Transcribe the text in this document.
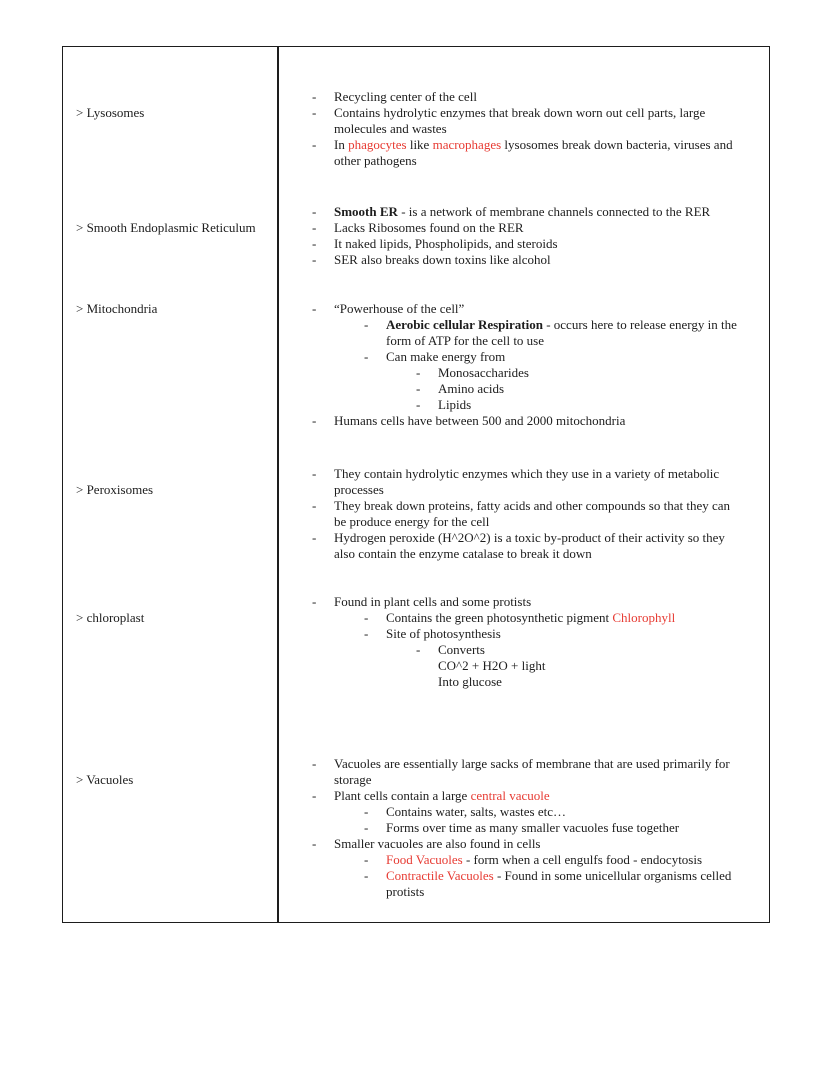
> Lysosomes
-	Recycling center of the cell
-	Contains hydrolytic enzymes that break down worn out cell parts, large molecules and wastes
-	In phagocytes like macrophages lysosomes break down bacteria, viruses and other pathogens
> Smooth Endoplasmic Reticulum
-	Smooth ER - is a network of membrane channels connected to the RER
-	Lacks Ribosomes found on the RER
-	It naked lipids, Phospholipids, and steroids
-	SER also breaks down toxins like alcohol
> Mitochondria	-	“Powerhouse of the cell”
-	Aerobic cellular Respiration - occurs here to release energy in the form of ATP for the cell to use
-	Can make energy from
-	Monosaccharides
-	Amino acids
-	Lipids
-	Humans cells have between 500 and 2000 mitochondria
> Peroxisomes
-	They contain hydrolytic enzymes which they use in a variety of metabolic processes
-	They break down proteins, fatty acids and other compounds so that they can be produce energy for the cell
-	Hydrogen peroxide (H^2O^2) is a toxic by-product of their activity so they also contain the enzyme catalase to break it down
> chloroplast
-	Found in plant cells and some protists
-	Contains the green photosynthetic pigment Chlorophyll
-	Site of photosynthesis
-	Converts
CO^2 + H2O + light
Into glucose
> Vacuoles
-	Vacuoles are essentially large sacks of membrane that are used primarily for storage
-	Plant cells contain a large central vacuole
-	Contains water, salts, wastes etc…
-	Forms over time as many smaller vacuoles fuse together
-	Smaller vacuoles are also found in cells
-	Food Vacuoles - form when a cell engulfs food - endocytosis
-	Contractile Vacuoles - Found in some unicellular organisms celled protists
